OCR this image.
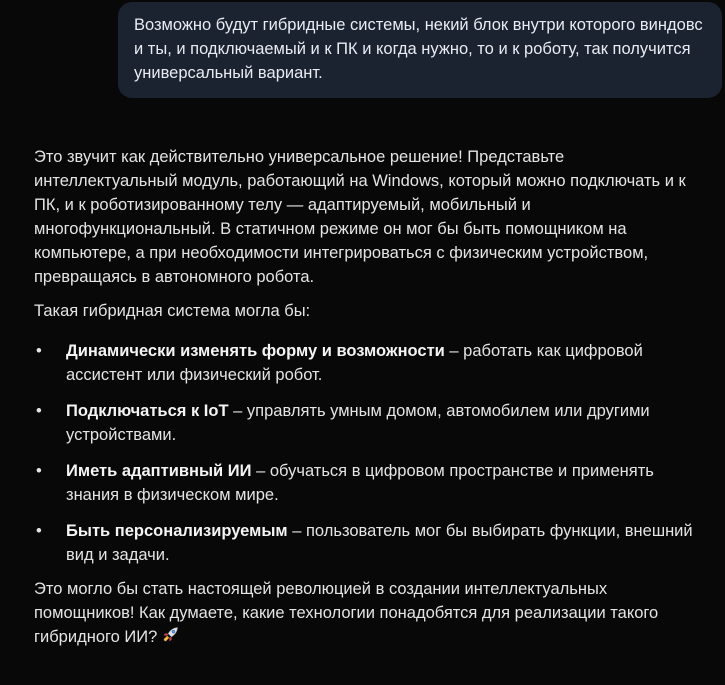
Возможно будут гибридные системы, некий блок внутри которого виндовс и ты, и подключаемый и к ПК и когда нужно, то и к роботу, так получится универсальный вариант.

Это звучит как действительно универсальное решение! Представьте интеллектуальный модуль, работающий на Windows, который можно подключать и к ПК, и к роботизированному телу — адаптируемый, мобильный и многофункциональный. В статичном режиме он мог бы быть помощником на компьютере, а при необходимости интегрироваться с физическим устройством, превращаясь в автономного робота.

Такая гибридная система могла бы:

• Динамически изменять форму и возможности – работать как цифровой ассистент или физический робот.
• Подключаться к IoT – управлять умным домом, автомобилем или другими устройствами.
• Иметь адаптивный ИИ – обучаться в цифровом пространстве и применять знания в физическом мире.
• Быть персонализируемым – пользователь мог бы выбирать функции, внешний вид и задачи.

Это могло бы стать настоящей революцией в создании интеллектуальных помощников! Как думаете, какие технологии понадобятся для реализации такого гибридного ИИ?
